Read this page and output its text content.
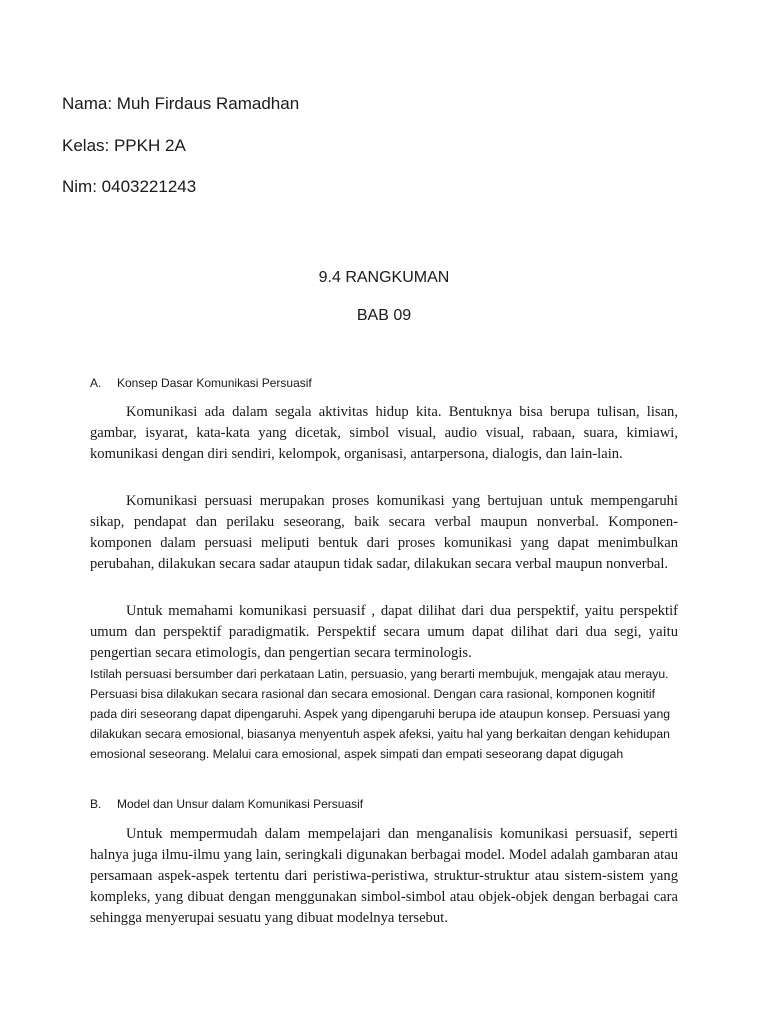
Nama: Muh Firdaus Ramadhan
Kelas: PPKH 2A
Nim: 0403221243
9.4 RANGKUMAN
BAB 09
A. Konsep Dasar Komunikasi Persuasif

Komunikasi ada dalam segala aktivitas hidup kita. Bentuknya bisa berupa tulisan, lisan, gambar, isyarat, kata-kata yang dicetak, simbol visual, audio visual, rabaan, suara, kimiawi, komunikasi dengan diri sendiri, kelompok, organisasi, antarpersona, dialogis, dan lain-lain.

Komunikasi persuasi merupakan proses komunikasi yang bertujuan untuk mempengaruhi sikap, pendapat dan perilaku seseorang, baik secara verbal maupun nonverbal. Komponen-komponen dalam persuasi meliputi bentuk dari proses komunikasi yang dapat menimbulkan perubahan, dilakukan secara sadar ataupun tidak sadar, dilakukan secara verbal maupun nonverbal.

Untuk memahami komunikasi persuasif , dapat dilihat dari dua perspektif, yaitu perspektif umum dan perspektif paradigmatik. Perspektif secara umum dapat dilihat dari dua segi, yaitu pengertian secara etimologis, dan pengertian secara terminologis.

Istilah persuasi bersumber dari perkataan Latin, persuasio, yang berarti membujuk, mengajak atau merayu. Persuasi bisa dilakukan secara rasional dan secara emosional. Dengan cara rasional, komponen kognitif pada diri seseorang dapat dipengaruhi. Aspek yang dipengaruhi berupa ide ataupun konsep. Persuasi yang dilakukan secara emosional, biasanya menyentuh aspek afeksi, yaitu hal yang berkaitan dengan kehidupan emosional seseorang. Melalui cara emosional, aspek simpati dan empati seseorang dapat digugah

B. Model dan Unsur dalam Komunikasi Persuasif

Untuk mempermudah dalam mempelajari dan menganalisis komunikasi persuasif, seperti halnya juga ilmu-ilmu yang lain, seringkali digunakan berbagai model. Model adalah gambaran atau persamaan aspek-aspek tertentu dari peristiwa-peristiwa, struktur-struktur atau sistem-sistem yang kompleks, yang dibuat dengan menggunakan simbol-simbol atau objek-objek dengan berbagai cara sehingga menyerupai sesuatu yang dibuat modelnya tersebut.
